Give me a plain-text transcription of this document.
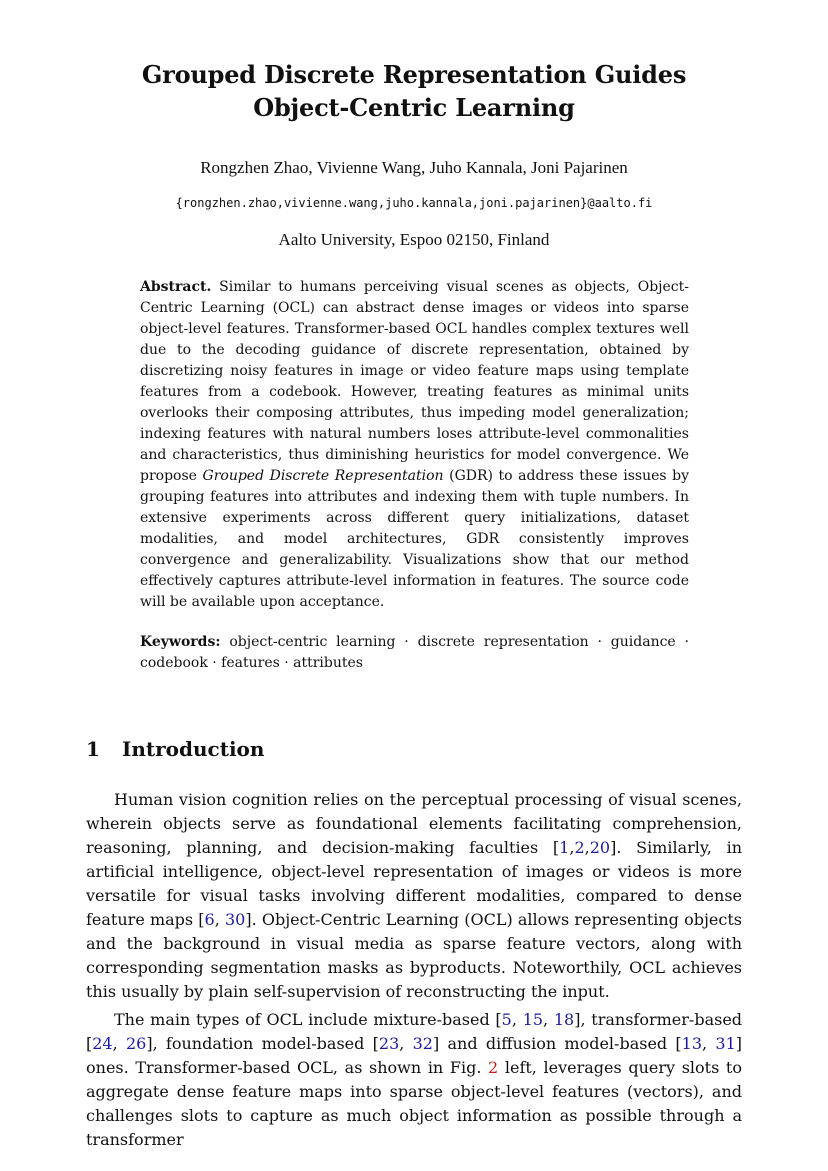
Grouped Discrete Representation Guides
Object-Centric Learning
Rongzhen Zhao, Vivienne Wang, Juho Kannala, Joni Pajarinen
{rongzhen.zhao,vivienne.wang,juho.kannala,joni.pajarinen}@aalto.fi
Aalto University, Espoo 02150, Finland
Abstract. Similar to humans perceiving visual scenes as objects, Object-Centric Learning (OCL) can abstract dense images or videos into sparse object-level features. Transformer-based OCL handles complex textures well due to the decoding guidance of discrete representation, obtained by discretizing noisy features in image or video feature maps using template features from a codebook. However, treating features as minimal units overlooks their composing attributes, thus impeding model generalization; indexing features with natural numbers loses attribute-level commonalities and characteristics, thus diminishing heuristics for model convergence. We propose Grouped Discrete Representation (GDR) to address these issues by grouping features into attributes and indexing them with tuple numbers. In extensive experiments across different query initializations, dataset modalities, and model architectures, GDR consistently improves convergence and generalizability. Visualizations show that our method effectively captures attribute-level information in features. The source code will be available upon acceptance.
Keywords: object-centric learning · discrete representation · guidance · codebook · features · attributes
1 Introduction

Human vision cognition relies on the perceptual processing of visual scenes, wherein objects serve as foundational elements facilitating comprehension, reasoning, planning, and decision-making faculties [1,2,20]. Similarly, in artificial intelligence, object-level representation of images or videos is more versatile for visual tasks involving different modalities, compared to dense feature maps [6, 30]. Object-Centric Learning (OCL) allows representing objects and the background in visual media as sparse feature vectors, along with corresponding segmentation masks as byproducts. Noteworthily, OCL achieves this usually by plain self-supervision of reconstructing the input.

The main types of OCL include mixture-based [5, 15, 18], transformer-based [24, 26], foundation model-based [23, 32] and diffusion model-based [13, 31] ones. Transformer-based OCL, as shown in Fig. 2 left, leverages query slots to aggregate dense feature maps into sparse object-level features (vectors), and challenges slots to capture as much object information as possible through a transformer
